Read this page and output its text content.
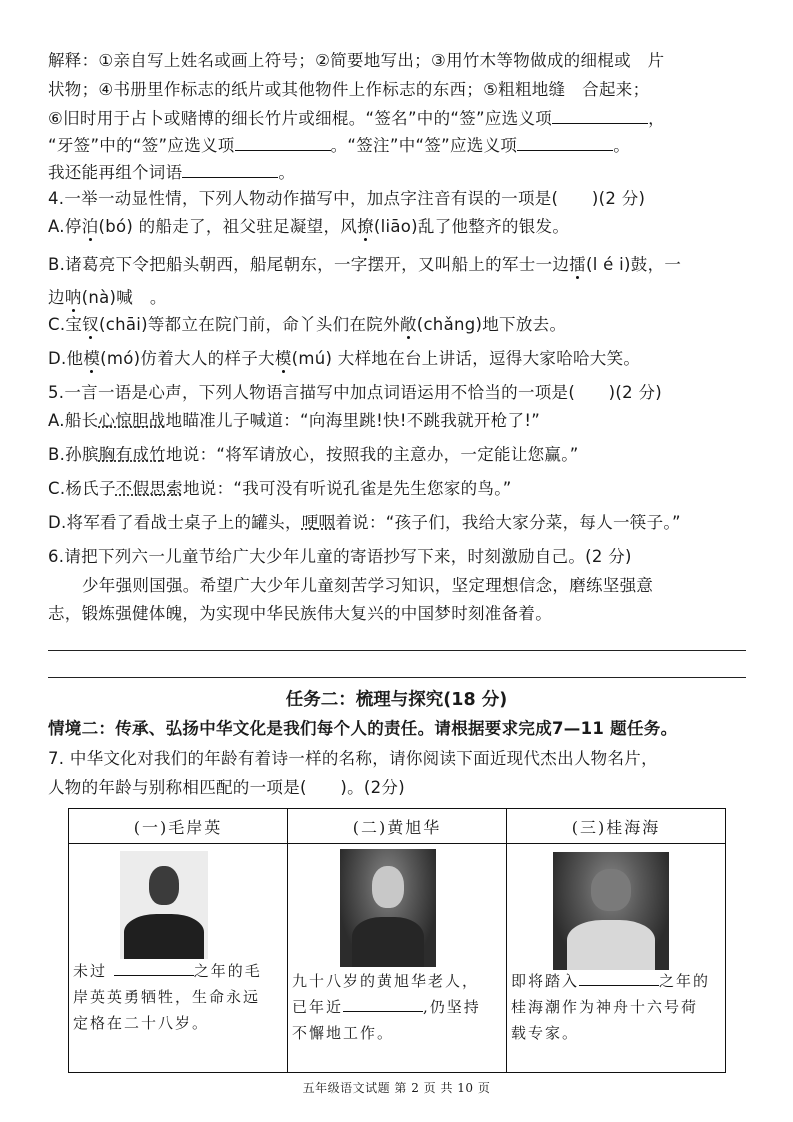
解释：①亲自写上姓名或画上符号；②简要地写出；③用竹木等物做成的细棍或　片
状物；④书册里作标志的纸片或其他物件上作标志的东西；⑤粗粗地缝　合起来；
⑥旧时用于占卜或赌博的细长竹片或细棍。“签名”中的“签”应选义项	，
“牙签”中的“签”应选义项	。“签注”中“签”应选义项	。
我还能再组个词语	。
4.一举一动显性情，下列人物动作描写中，加点字注音有误的一项是(　　)(2 分)
A.停泊(bó) 的船走了，祖父驻足凝望，风撩(liāo)乱了他整齐的银发。
B.诸葛亮下令把船头朝西，船尾朝东，一字摆开，又叫船上的军士一边擂(l é i)鼓，一
边呐(nà)喊　。
C.宝钗(chāi)等都立在院门前，命丫头们在院外敞(chǎng)地下放去。
D.他模(mó)仿着大人的样子大模(mú) 大样地在台上讲话，逗得大家哈哈大笑。
5.一言一语是心声，下列人物语言描写中加点词语运用不恰当的一项是(　　)(2 分)
A.船长心惊胆战地瞄准儿子喊道：“向海里跳!快!不跳我就开枪了!”
B.孙膑胸有成竹地说：“将军请放心，按照我的主意办，一定能让您赢。”
C.杨氏子不假思索地说：“我可没有听说孔雀是先生您家的鸟。”
D.将军看了看战士桌子上的罐头，哽咽着说：“孩子们，我给大家分菜，每人一筷子。”
6.请把下列六一儿童节给广大少年儿童的寄语抄写下来，时刻激励自己。(2 分)
少年强则国强。希望广大少年儿童刻苦学习知识，坚定理想信念，磨练坚强意
志，锻炼强健体魄，为实现中华民族伟大复兴的中国梦时刻准备着。
任务二：梳理与探究(18 分)
情境二：传承、弘扬中华文化是我们每个人的责任。请根据要求完成7—11 题任务。
7. 中华文化对我们的年龄有着诗一样的名称，请你阅读下面近现代杰出人物名片，
人物的年龄与别称相匹配的一项是(　　)。(2分)
(一)毛岸英	(二)黄旭华	(三)桂海海

未过	之年的毛
岸英英勇牺牲，生命永远
定格在二十八岁。

九十八岁的黄旭华老人，
已年近	,仍坚持
不懈地工作。

即将踏入	之年的
桂海潮作为神舟十六号荷
载专家。
五年级语文试题 第 2 页 共 10 页
